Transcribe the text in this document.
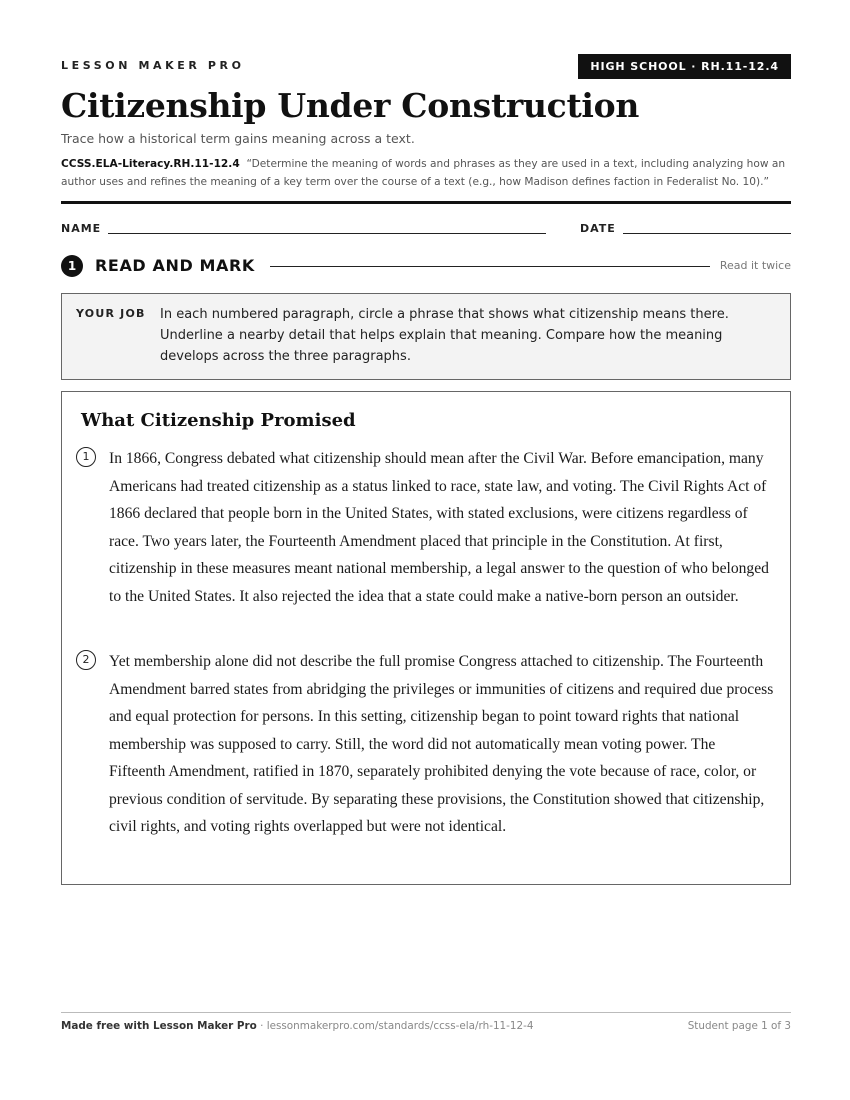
LESSON MAKER PRO	HIGH SCHOOL · RH.11-12.4
Citizenship Under Construction
Trace how a historical term gains meaning across a text.
CCSS.ELA-Literacy.RH.11-12.4 “Determine the meaning of words and phrases as they are used in a text, including analyzing how an author uses and refines the meaning of a key term over the course of a text (e.g., how Madison defines faction in Federalist No. 10).”
NAME	DATE
1	READ AND MARK	Read it twice
YOUR JOB In each numbered paragraph, circle a phrase that shows what citizenship means there. Underline a nearby detail that helps explain that meaning. Compare how the meaning develops across the three paragraphs.
What Citizenship Promised
1	In 1866, Congress debated what citizenship should mean after the Civil War. Before emancipation, many Americans had treated citizenship as a status linked to race, state law, and voting. The Civil Rights Act of 1866 declared that people born in the United States, with stated exclusions, were citizens regardless of race. Two years later, the Fourteenth Amendment placed that principle in the Constitution. At first, citizenship in these measures meant national membership, a legal answer to the question of who belonged to the United States. It also rejected the idea that a state could make a native-born person an outsider.

2	Yet membership alone did not describe the full promise Congress attached to citizenship. The Fourteenth Amendment barred states from abridging the privileges or immunities of citizens and required due process and equal protection for persons. In this setting, citizenship began to point toward rights that national membership was supposed to carry. Still, the word did not automatically mean voting power. The Fifteenth Amendment, ratified in 1870, separately prohibited denying the vote because of race, color, or previous condition of servitude. By separating these provisions, the Constitution showed that citizenship, civil rights, and voting rights overlapped but were not identical.

Made free with Lesson Maker Pro · lessonmakerpro.com/standards/ccss-ela/rh-11-12-4	Student page 1 of 3
